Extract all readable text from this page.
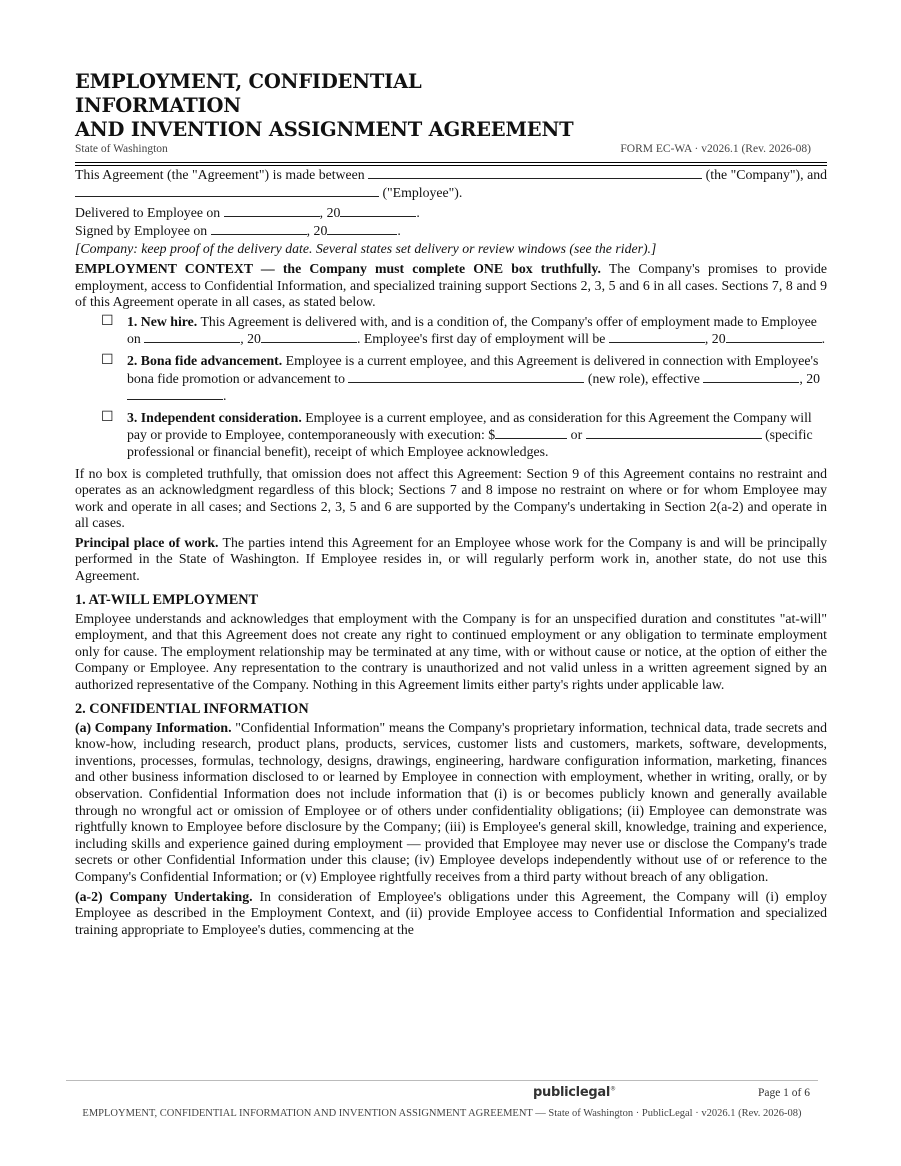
EMPLOYMENT, CONFIDENTIAL
INFORMATION
AND INVENTION ASSIGNMENT AGREEMENT
State of Washington	FORM EC-WA · v2026.1 (Rev. 2026-08)

This Agreement (the "Agreement") is made between	(the "Company"), and  ("Employee").

Delivered to Employee on	, 20	.

Signed by Employee on	, 20	.

[Company: keep proof of the delivery date. Several states set delivery or review windows (see the rider).]

EMPLOYMENT CONTEXT — the Company must complete ONE box truthfully. The Company's promises to provide employment, access to Confidential Information, and specialized training support Sections 2, 3, 5 and 6 in all cases. Sections 7, 8 and 9 of this Agreement operate in all cases, as stated below.

☐ 1. New hire. This Agreement is delivered with, and is a condition of, the Company's offer of employment made to Employee on	, 20	. Employee's first day of employment will be	, 20	.
☐ 2. Bona fide advancement. Employee is a current employee, and this Agreement is delivered in connection with Employee's bona fide promotion or advancement to	(new role), effective	, 20.
☐ 3. Independent consideration. Employee is a current employee, and as consideration for this Agreement the Company will pay or provide to Employee, contemporaneously with execution: $	or	(specific professional or financial benefit), receipt of which Employee acknowledges.

If no box is completed truthfully, that omission does not affect this Agreement: Section 9 of this Agreement contains no restraint and operates as an acknowledgment regardless of this block; Sections 7 and 8 impose no restraint on where or for whom Employee may work and operate in all cases; and Sections 2, 3, 5 and 6 are supported by the Company's undertaking in Section 2(a-2) and operate in all cases.

Principal place of work. The parties intend this Agreement for an Employee whose work for the Company is and will be principally performed in the State of Washington. If Employee resides in, or will regularly perform work in, another state, do not use this Agreement.

1. AT-WILL EMPLOYMENT

Employee understands and acknowledges that employment with the Company is for an unspecified duration and constitutes "at-will" employment, and that this Agreement does not create any right to continued employment or any obligation to terminate employment only for cause. The employment relationship may be terminated at any time, with or without cause or notice, at the option of either the Company or Employee. Any representation to the contrary is unauthorized and not valid unless in a written agreement signed by an authorized representative of the Company. Nothing in this Agreement limits either party's rights under applicable law.

2. CONFIDENTIAL INFORMATION

(a) Company Information. "Confidential Information" means the Company's proprietary information, technical data, trade secrets and know-how, including research, product plans, products, services, customer lists and customers, markets, software, developments, inventions, processes, formulas, technology, designs, drawings, engineering, hardware configuration information, marketing, finances and other business information disclosed to or learned by Employee in connection with employment, whether in writing, orally, or by observation. Confidential Information does not include information that (i) is or becomes publicly known and generally available through no wrongful act or omission of Employee or of others under confidentiality obligations; (ii) Employee can demonstrate was rightfully known to Employee before disclosure by the Company; (iii) is Employee's general skill, knowledge, training and experience, including skills and experience gained during employment — provided that Employee may never use or disclose the Company's trade secrets or other Confidential Information under this clause; (iv) Employee develops independently without use of or reference to the Company's Confidential Information; or (v) Employee rightfully receives from a third party without breach of any obligation.

(a-2) Company Undertaking. In consideration of Employee's obligations under this Agreement, the Company will (i) employ Employee as described in the Employment Context, and (ii) provide Employee access to Confidential Information and specialized training appropriate to Employee's duties, commencing at the

publiclegal®	Page 1 of 6
EMPLOYMENT, CONFIDENTIAL INFORMATION AND INVENTION ASSIGNMENT AGREEMENT — State of Washington · PublicLegal · v2026.1 (Rev. 2026-08)
